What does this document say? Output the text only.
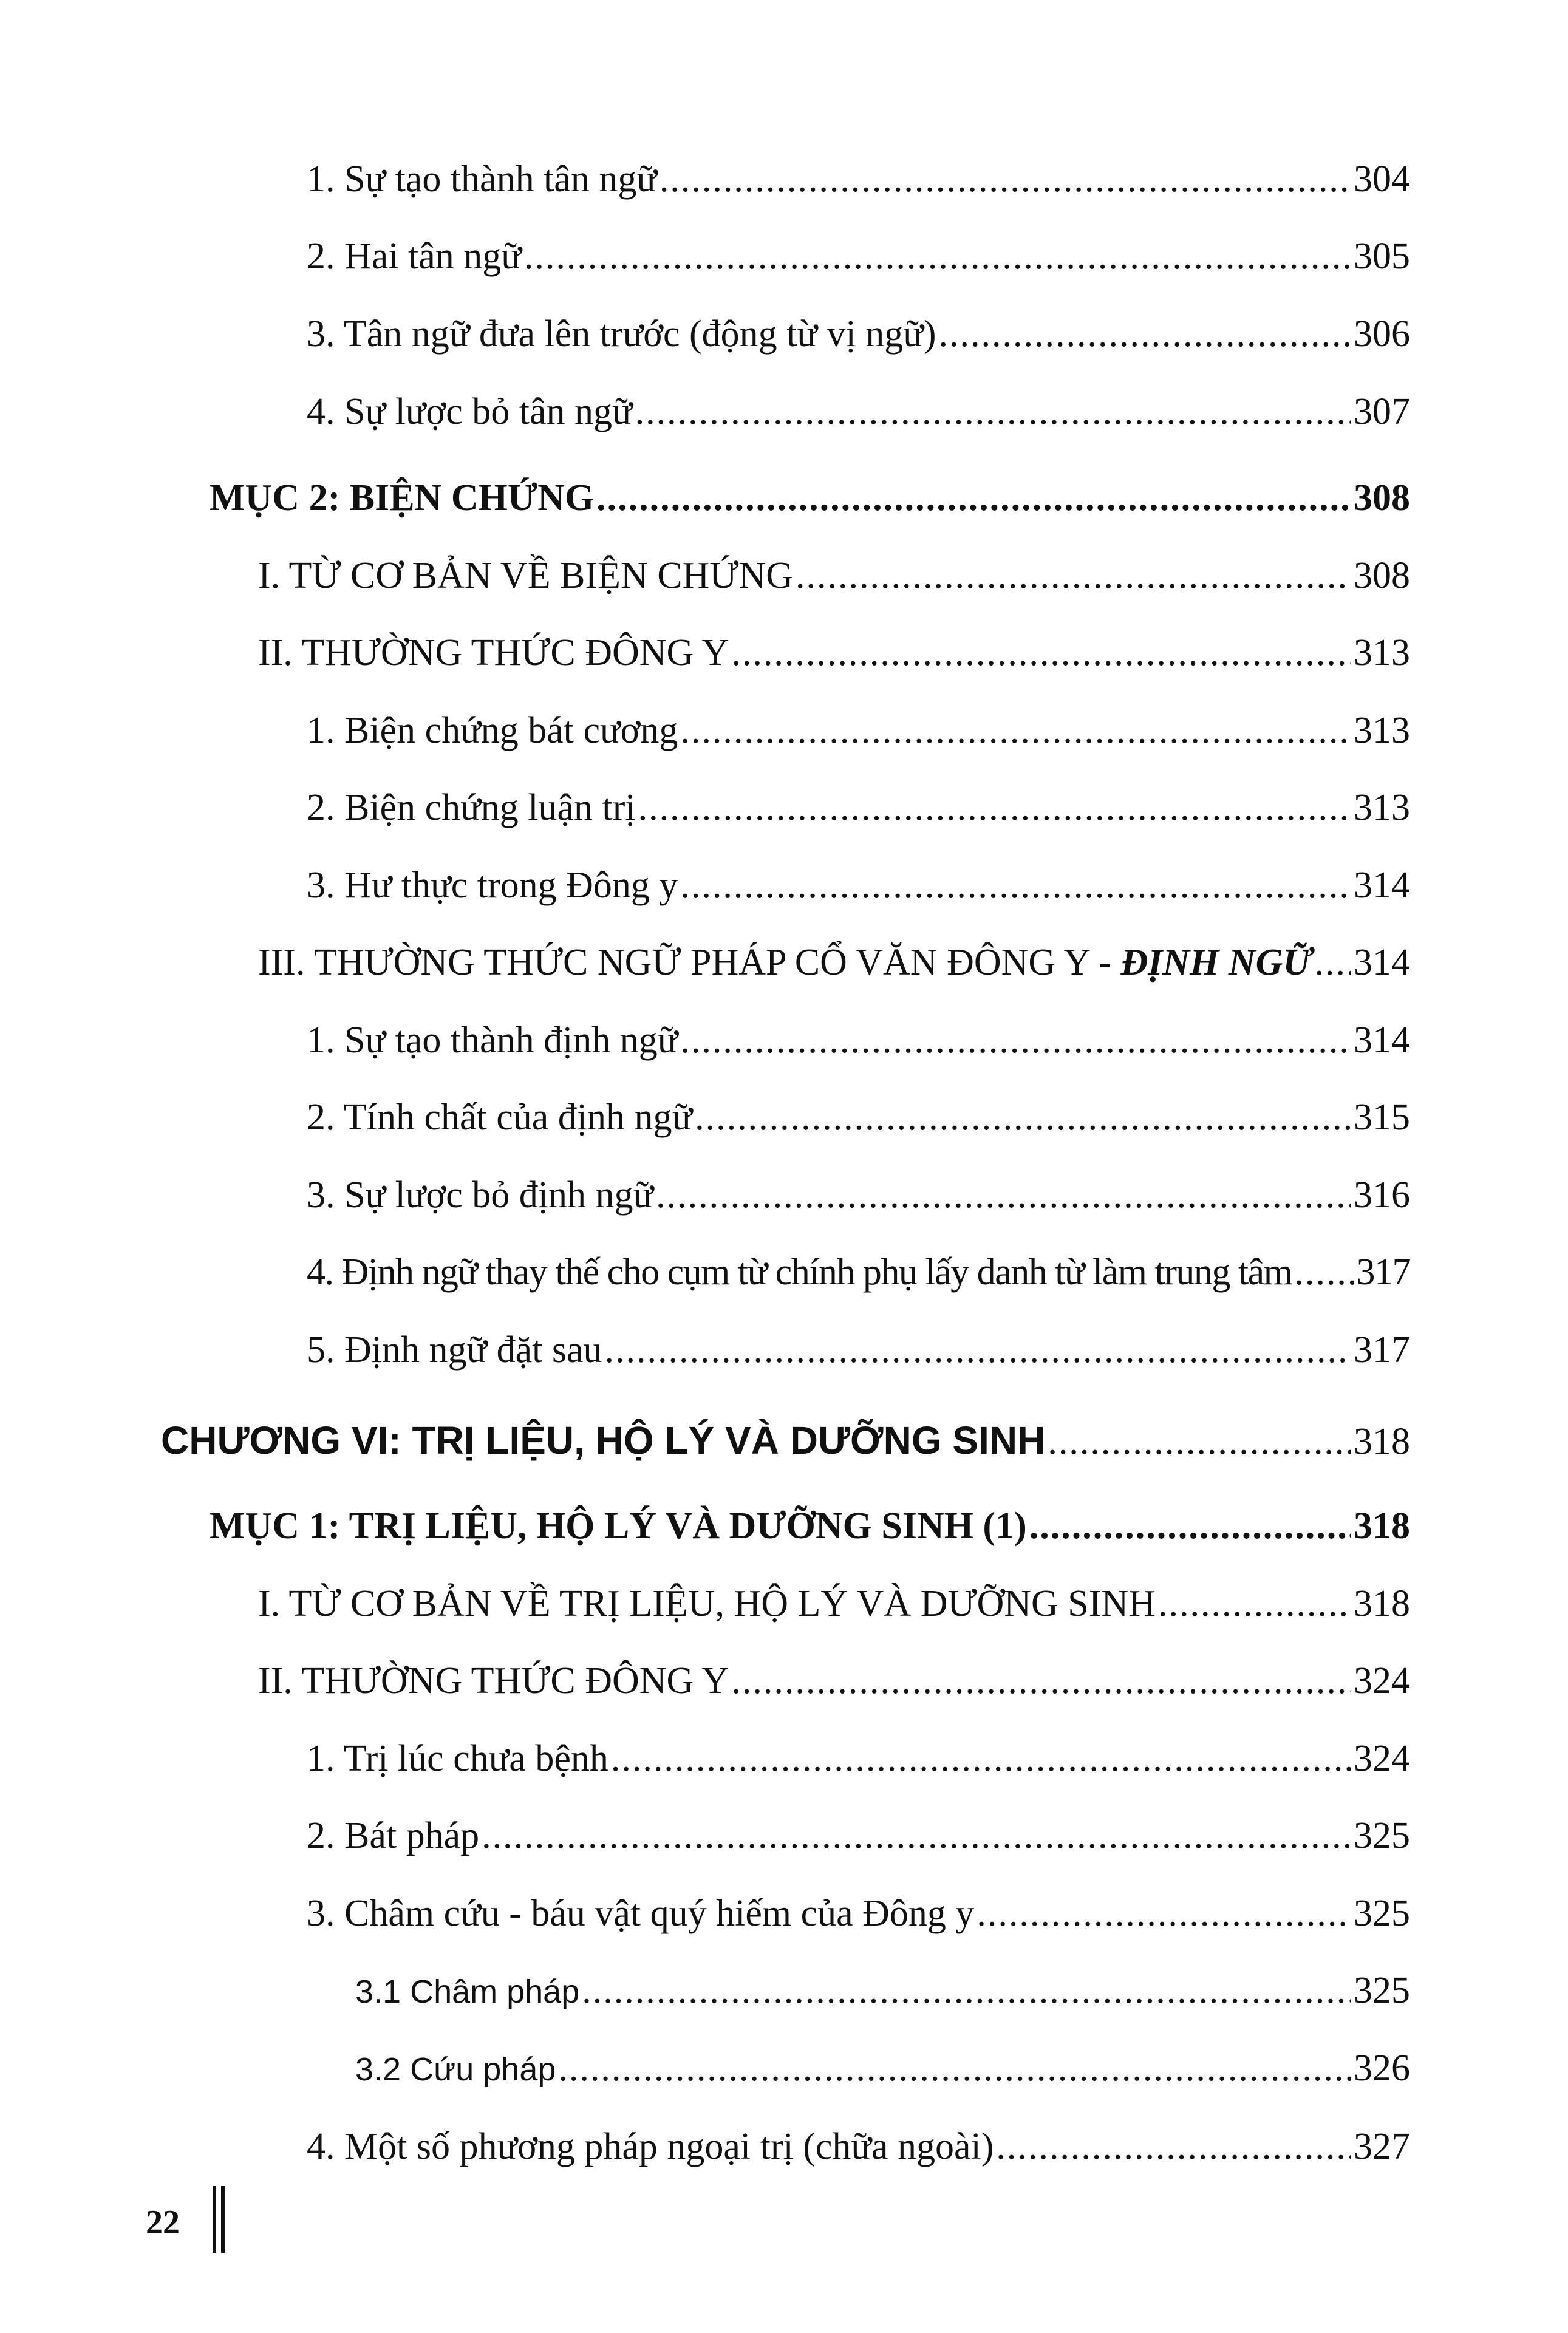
1. Sự tạo thành tân ngữ .....	304
2. Hai tân ngữ .....	305
3. Tân ngữ đưa lên trước (động từ vị ngữ) .....	306
4. Sự lược bỏ tân ngữ .....	307
MỤC 2: BIỆN CHỨNG .....	308
I. TỪ CƠ BẢN VỀ BIỆN CHỨNG .....	308
II. THƯỜNG THỨC ĐÔNG Y .....	313
1. Biện chứng bát cương .....	313
2. Biện chứng luận trị .....	313
3. Hư thực trong Đông y .....	314
III. THƯỜNG THỨC NGỮ PHÁP CỔ VĂN ĐÔNG Y - ĐỊNH NGỮ ..... 314
1. Sự tạo thành định ngữ .....	314
2. Tính chất của định ngữ .....	315
3. Sự lược bỏ định ngữ .....	316
4. Định ngữ thay thế cho cụm từ chính phụ lấy danh từ làm trung tâm ..... 317
5. Định ngữ đặt sau .....	317
CHƯƠNG VI: TRỊ LIỆU, HỘ LÝ VÀ DƯỠNG SINH .....	318
MỤC 1: TRỊ LIỆU, HỘ LÝ VÀ DƯỠNG SINH (1) .....	318
I. TỪ CƠ BẢN VỀ TRỊ LIỆU, HỘ LÝ VÀ DƯỠNG SINH .....	318
II. THƯỜNG THỨC ĐÔNG Y .....	324
1. Trị lúc chưa bệnh .....	324
2. Bát pháp .....	325
3. Châm cứu - báu vật quý hiếm của Đông y .....	325
3.1 Châm pháp .....	325
3.2 Cứu pháp .....	326
4. Một số phương pháp ngoại trị (chữa ngoài) .....	327
22
